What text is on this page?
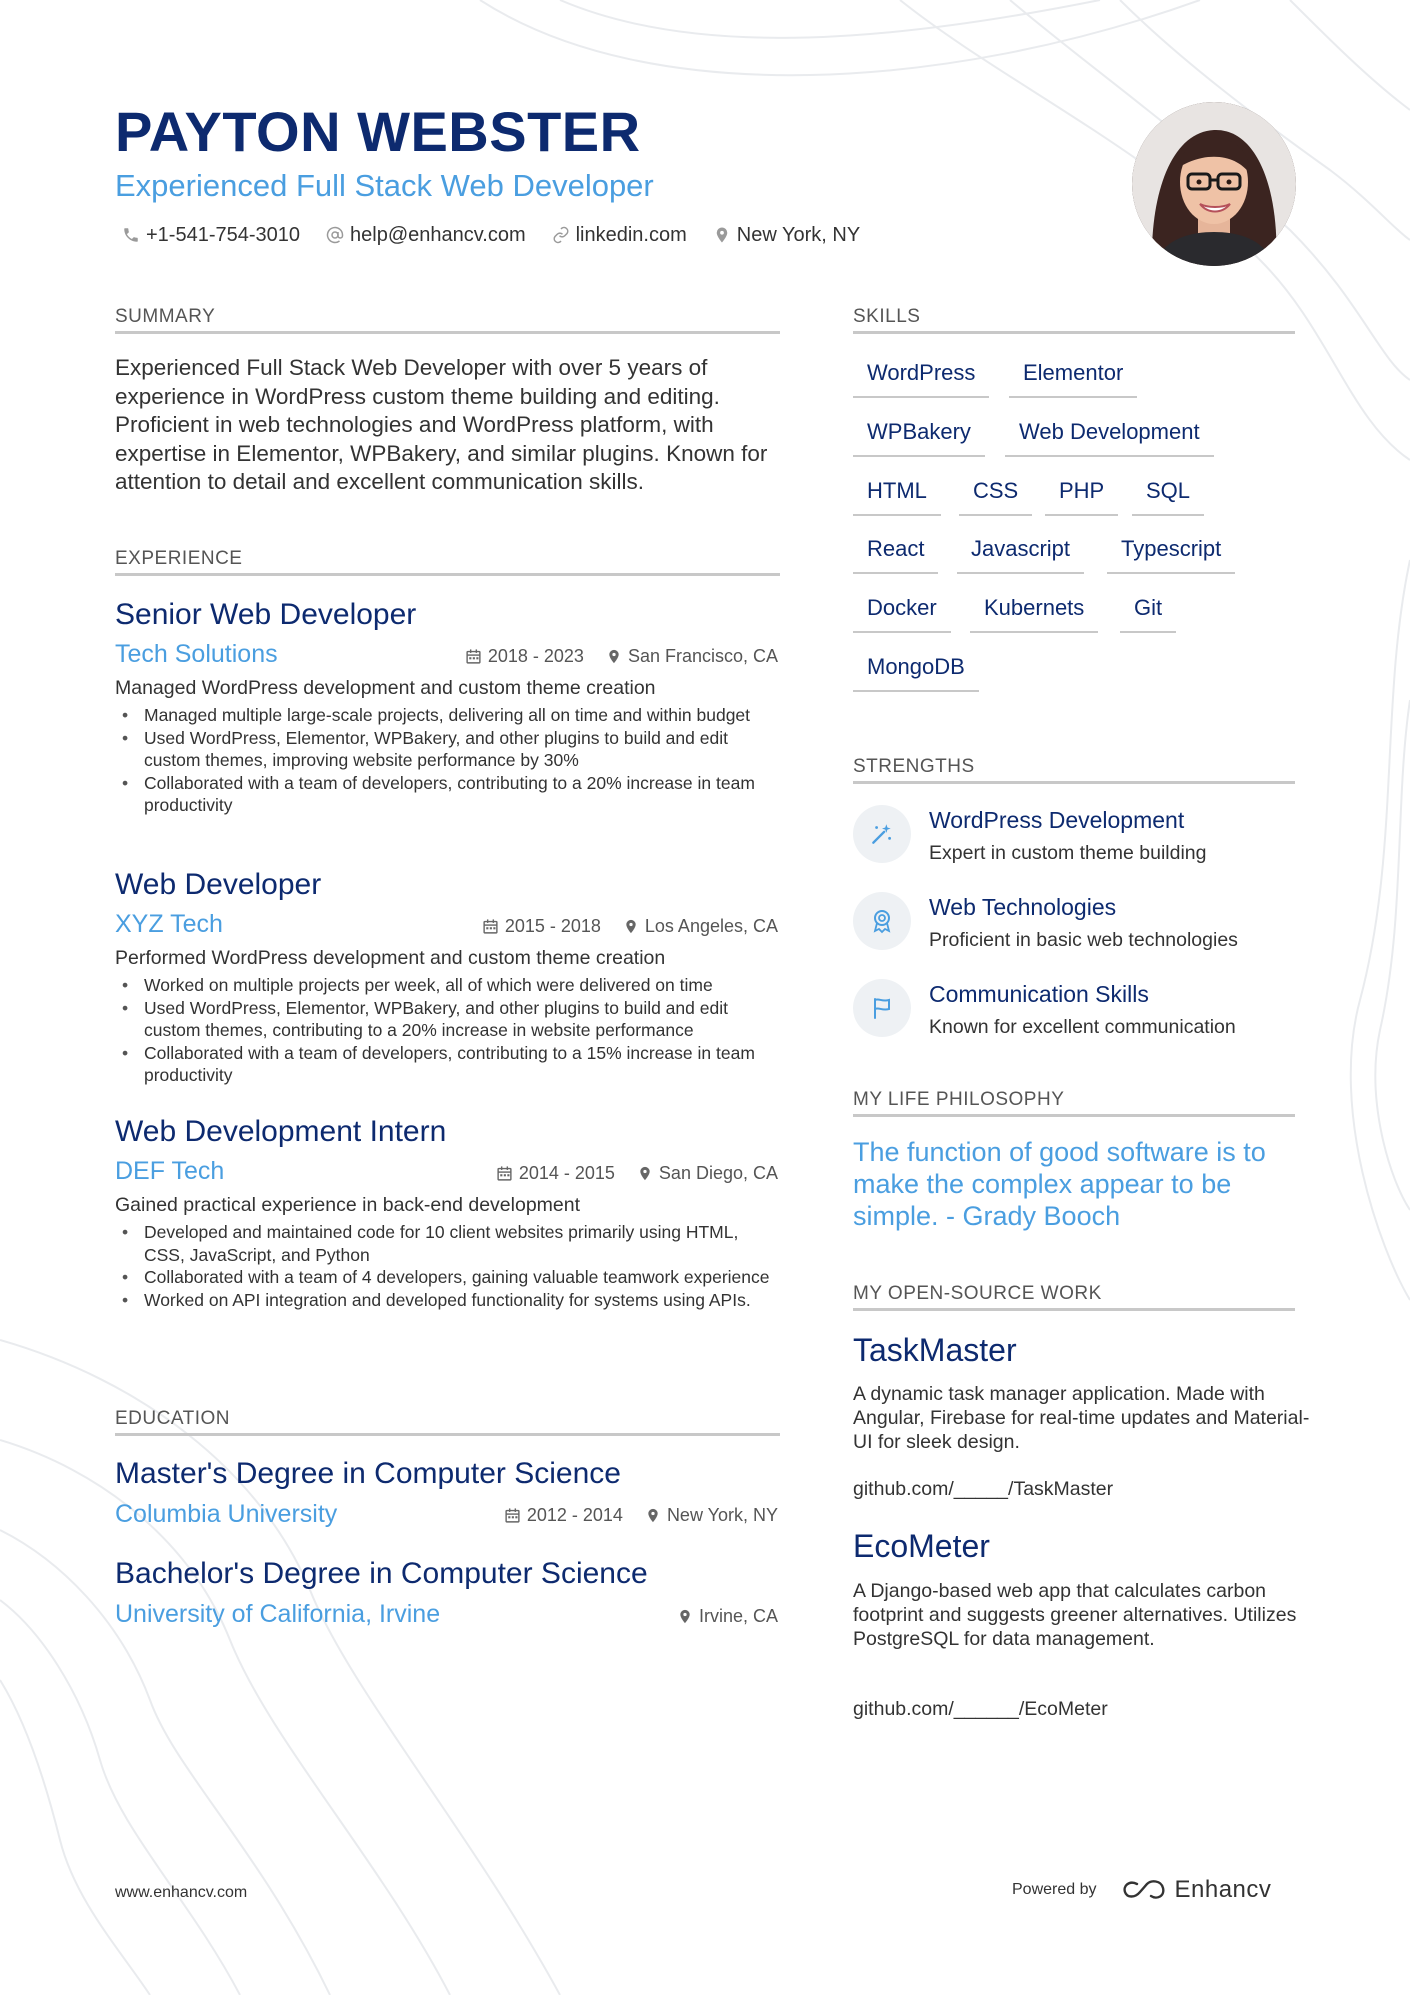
PAYTON WEBSTER
Experienced Full Stack Web Developer
+1-541-754-3010	help@enhancv.com	linkedin.com	New York, NY
SUMMARY
Experienced Full Stack Web Developer with over 5 years of experience in WordPress custom theme building and editing. Proficient in web technologies and WordPress platform, with expertise in Elementor, WPBakery, and similar plugins. Known for attention to detail and excellent communication skills.
EXPERIENCE
Senior Web Developer
Tech Solutions	2018 - 2023 San Francisco, CA
Managed WordPress development and custom theme creation
• Managed multiple large-scale projects, delivering all on time and within budget
• Used WordPress, Elementor, WPBakery, and other plugins to build and edit custom themes, improving website performance by 30%
• Collaborated with a team of developers, contributing to a 20% increase in team productivity
Web Developer
XYZ Tech	2015 - 2018 Los Angeles, CA
Performed WordPress development and custom theme creation
• Worked on multiple projects per week, all of which were delivered on time
• Used WordPress, Elementor, WPBakery, and other plugins to build and edit custom themes, contributing to a 20% increase in website performance
• Collaborated with a team of developers, contributing to a 15% increase in team productivity
Web Development Intern
DEF Tech	2014 - 2015 San Diego, CA
Gained practical experience in back-end development
• Developed and maintained code for 10 client websites primarily using HTML, CSS, JavaScript, and Python
• Collaborated with a team of 4 developers, gaining valuable teamwork experience
• Worked on API integration and developed functionality for systems using APIs.
EDUCATION
Master's Degree in Computer Science
Columbia University	2012 - 2014 New York, NY
Bachelor's Degree in Computer Science
University of California, Irvine	Irvine, CA
SKILLS
WordPress	Elementor
WPBakery	Web Development
HTML	CSS	PHP	SQL
React	Javascript	Typescript
Docker	Kubernets	Git
MongoDB
STRENGTHS
WordPress Development
Expert in custom theme building
Web Technologies
Proficient in basic web technologies
Communication Skills
Known for excellent communication
MY LIFE PHILOSOPHY
The function of good software is to make the complex appear to be simple. - Grady Booch
MY OPEN-SOURCE WORK
TaskMaster
A dynamic task manager application. Made with Angular, Firebase for real-time updates and Material-UI for sleek design.
github.com/_____/TaskMaster
EcoMeter
A Django-based web app that calculates carbon footprint and suggests greener alternatives. Utilizes PostgreSQL for data management.
github.com/______/EcoMeter
www.enhancv.com	Powered by	Enhancv
